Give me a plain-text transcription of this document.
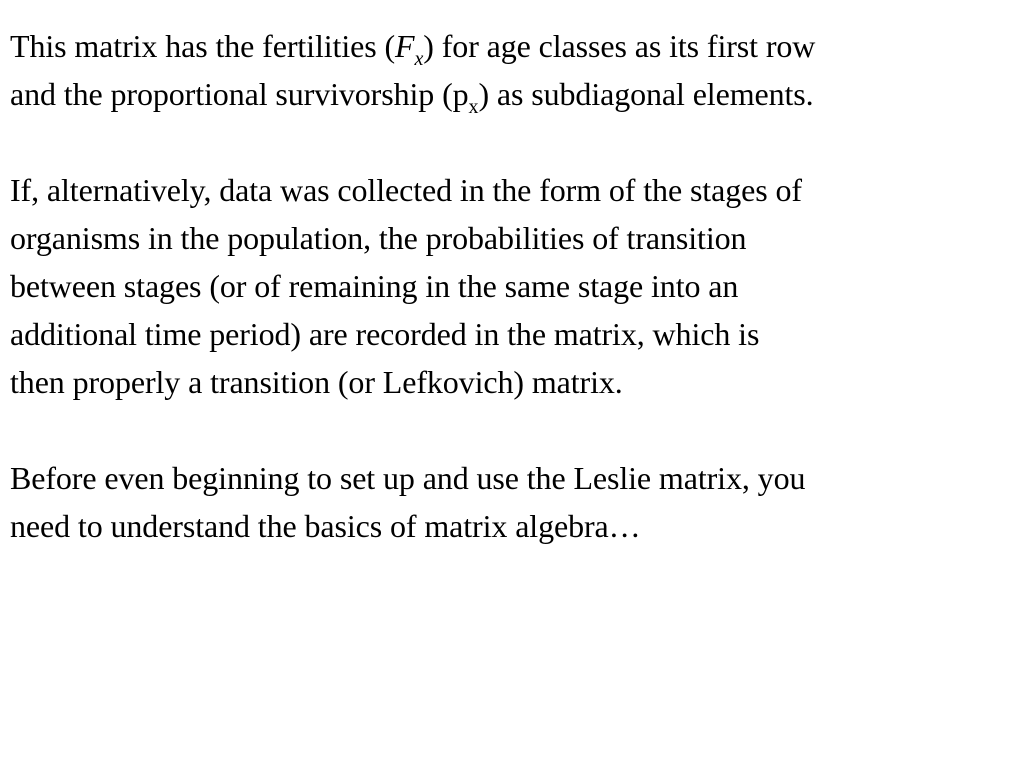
This matrix has the fertilities $(F_x)$ for age classes as its first row
and the proportional survivorship $(p_x)$ as subdiagonal elements.

If, alternatively, data was collected in the form of the stages of
organisms in the population, the probabilities of transition
between stages (or of remaining in the same stage into an
additional time period) are recorded in the matrix, which is
then properly a transition (or Lefkovich) matrix.

Before even beginning to set up and use the Leslie matrix, you
need to understand the basics of matrix algebra…
